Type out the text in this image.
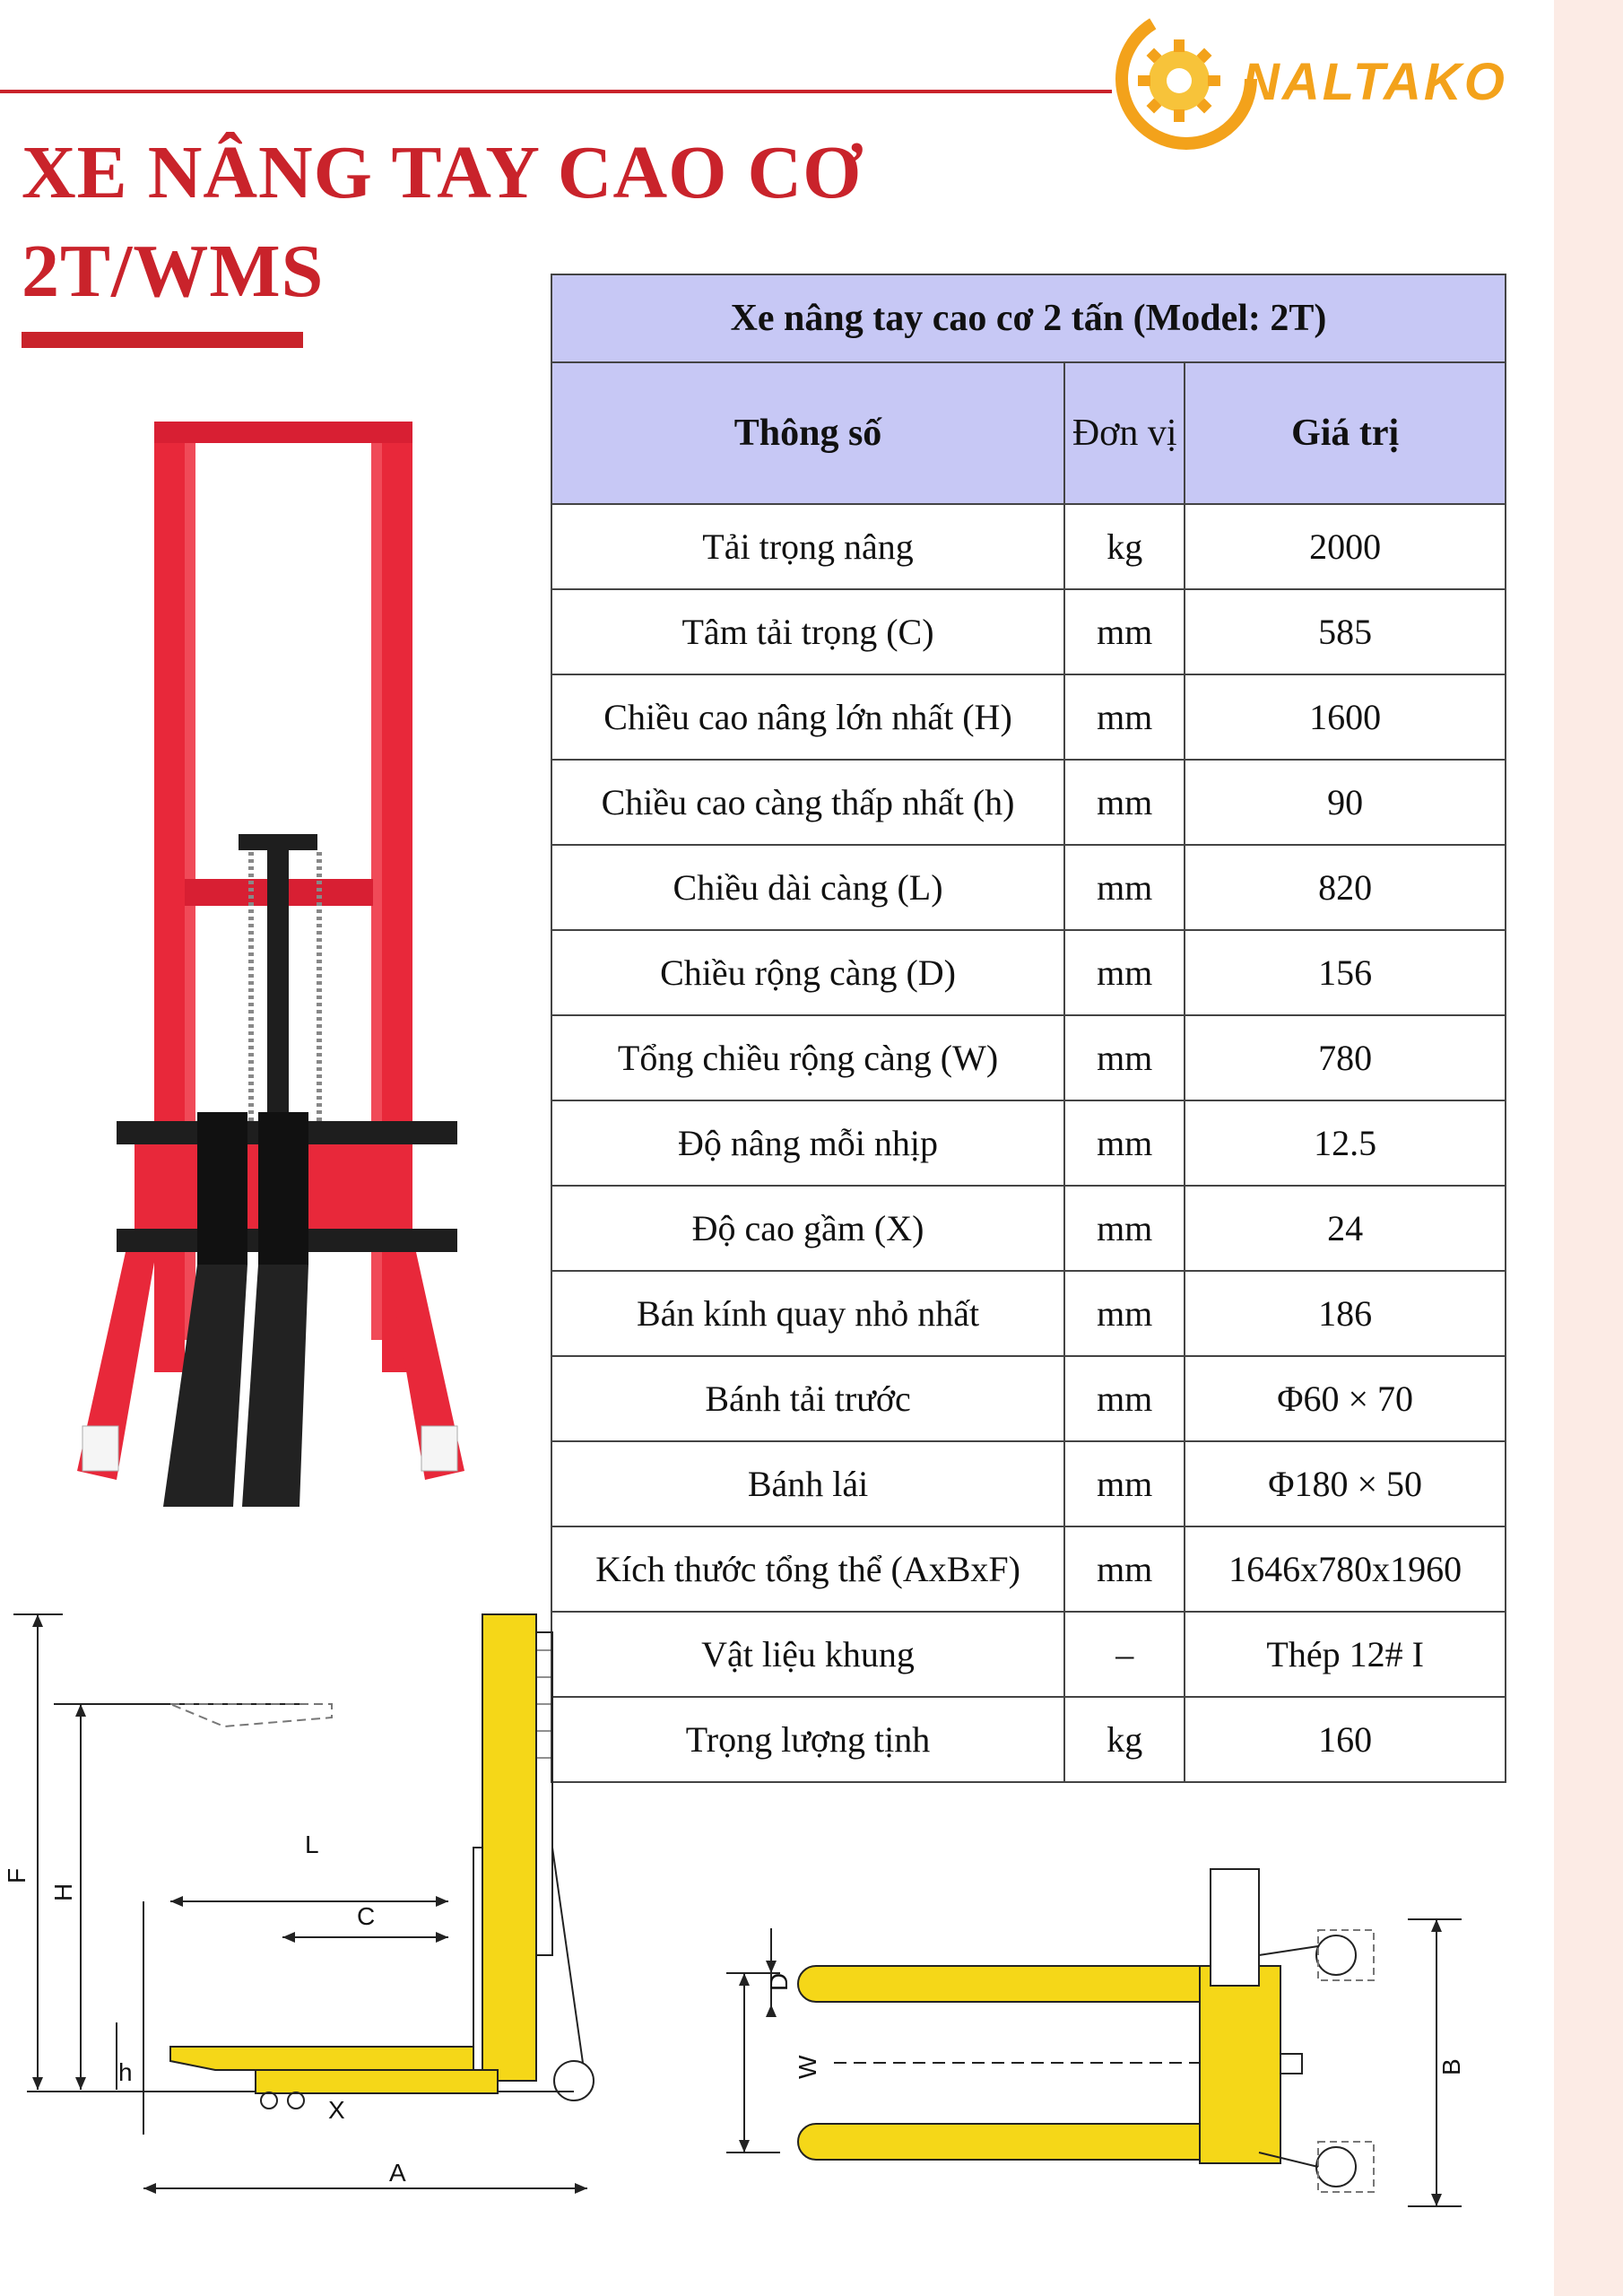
NALTAKO
XE NÂNG TAY CAO CƠ
2T/WMS
Xe nâng tay cao cơ 2 tấn (Model: 2T)		
Thông số	Đơn vị	Giá trị
Tải trọng nâng	kg	2000
Tâm tải trọng (C)	mm	585
Chiều cao nâng lớn nhất (H)	mm	1600
Chiều cao càng thấp nhất (h)	mm	90
Chiều dài càng (L)	mm	820
Chiều rộng càng (D)	mm	156
Tổng chiều rộng càng (W)	mm	780
Độ nâng mỗi nhịp	mm	12.5
Độ cao gầm (X)	mm	24
Bán kính quay nhỏ nhất	mm	186
Bánh tải trước	mm	Φ60 × 70
Bánh lái	mm	Φ180 × 50
Kích thước tổng thể (AxBxF)	mm	1646x780x1960
Vật liệu khung	–	Thép 12# I
Trọng lượng tịnh	kg	160
F
H
L
C
h
X
A
D
W	B
